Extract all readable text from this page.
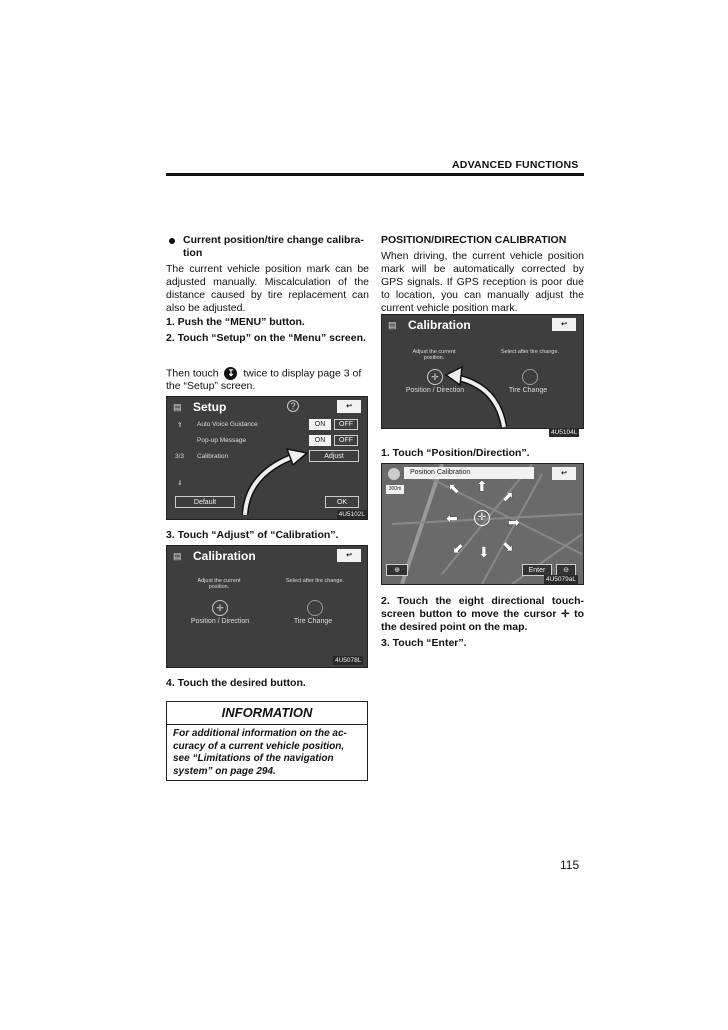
ADVANCED FUNCTIONS
Current position/tire change calibra-tion
The current vehicle position mark can be adjusted manually. Miscalculation of the distance caused by tire replacement can also be adjusted.
1. Push the “MENU” button.
2. Touch “Setup” on the “Menu” screen.
Then touch ↧ twice to display page 3 of
the “Setup” screen.
Setup
▤	?	↩
⇑ Auto Voice Guidance	ON	OFF
Pop-up Message	ON	OFF
3/3 Calibration	Adjust
⇓
Default	OK
4U5102L
3. Touch “Adjust” of “Calibration”.
▤ Calibration	↩
Adjust the current position.
Select after tire change.
✛
Position / Direction	Tire Change
4U5078L
4. Touch the desired button.
INFORMATION
For additional information on the ac-curacy of a current vehicle position, see “Limitations of the navigation system” on page 294.
POSITION/DIRECTION CALIBRATION
When driving, the current vehicle position mark will be automatically corrected by GPS signals. If GPS reception is poor due to location, you can manually adjust the current vehicle position mark.
▤ Calibration	↩
Adjust the current position.
Select after tire change.
✛
Position / Direction	Tire Change
4U5104L
1. Touch “Position/Direction”.
Position Calibration	↩
300m	⬉ ⬆
⬈
⬅	✛ ➡
⬋ ⬇ ⬊
⊕	Enter	⊖
4U5079aL
2. Touch the eight directional touch-screen button to move the cursor ✛ to the desired point on the map.
3. Touch “Enter”.
115
